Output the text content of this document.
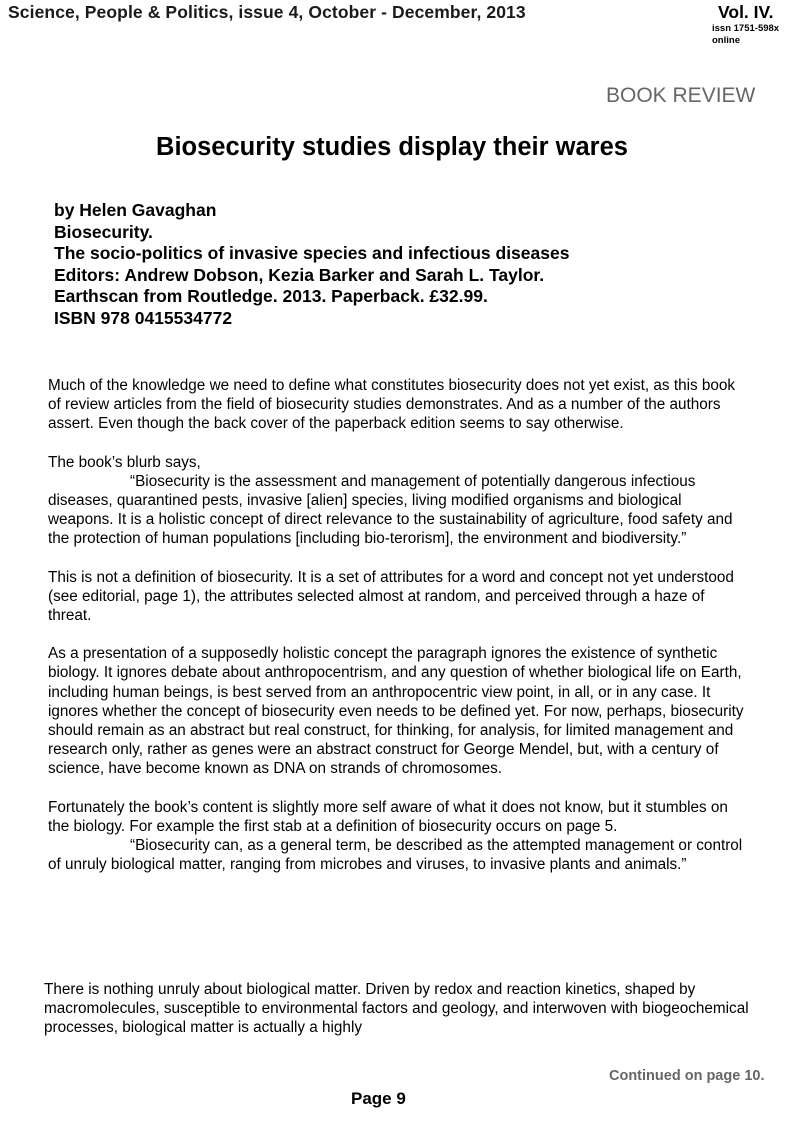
Science, People & Politics, issue 4, October - December, 2013	Vol. IV.
issn 1751-598x
online
BOOK REVIEW
Biosecurity studies display their wares
by Helen Gavaghan
Biosecurity.
The socio-politics of invasive species and infectious diseases
Editors: Andrew Dobson, Kezia Barker and Sarah L. Taylor.
Earthscan from Routledge. 2013. Paperback. £32.99.
ISBN 978 0415534772

Much of the knowledge we need to define what constitutes biosecurity does not yet exist, as this book of review articles from the field of biosecurity studies demonstrates. And as a number of the authors assert. Even though the back cover of the paperback edition seems to say otherwise.

The book’s blurb says,
“Biosecurity is the assessment and management of potentially dangerous infectious diseases, quarantined pests, invasive [alien] species, living modified organisms and biological weapons. It is a holistic concept of direct relevance to the sustainability of agriculture, food safety and the protection of human populations [including bio-terorism], the environment and biodiversity.”

This is not a definition of biosecurity. It is a set of attributes for a word and concept not yet understood (see editorial, page 1), the attributes selected almost at random, and perceived through a haze of threat.

As a presentation of a supposedly holistic concept the paragraph ignores the existence of synthetic biology. It ignores debate about anthropocentrism, and any question of whether biological life on Earth, including human beings, is best served from an anthropocentric view point, in all, or in any case. It ignores whether the concept of biosecurity even needs to be defined yet. For now, perhaps, biosecurity should remain as an abstract but real construct, for thinking, for analysis, for limited management and research only, rather as genes were an abstract construct for George Mendel, but, with a century of science, have become known as DNA on strands of chromosomes.

Fortunately the book’s content is slightly more self aware of what it does not know, but it stumbles on the biology. For example the first stab at a definition of biosecurity occurs on page 5.
“Biosecurity can, as a general term, be described as the attempted management or control of unruly biological matter, ranging from microbes and viruses, to invasive plants and animals.”

There is nothing unruly about biological matter. Driven by redox and reaction kinetics, shaped by macromolecules, susceptible to environmental factors and geology, and interwoven with biogeochemical processes, biological matter is actually a highly

Continued on page 10.
Page 9
